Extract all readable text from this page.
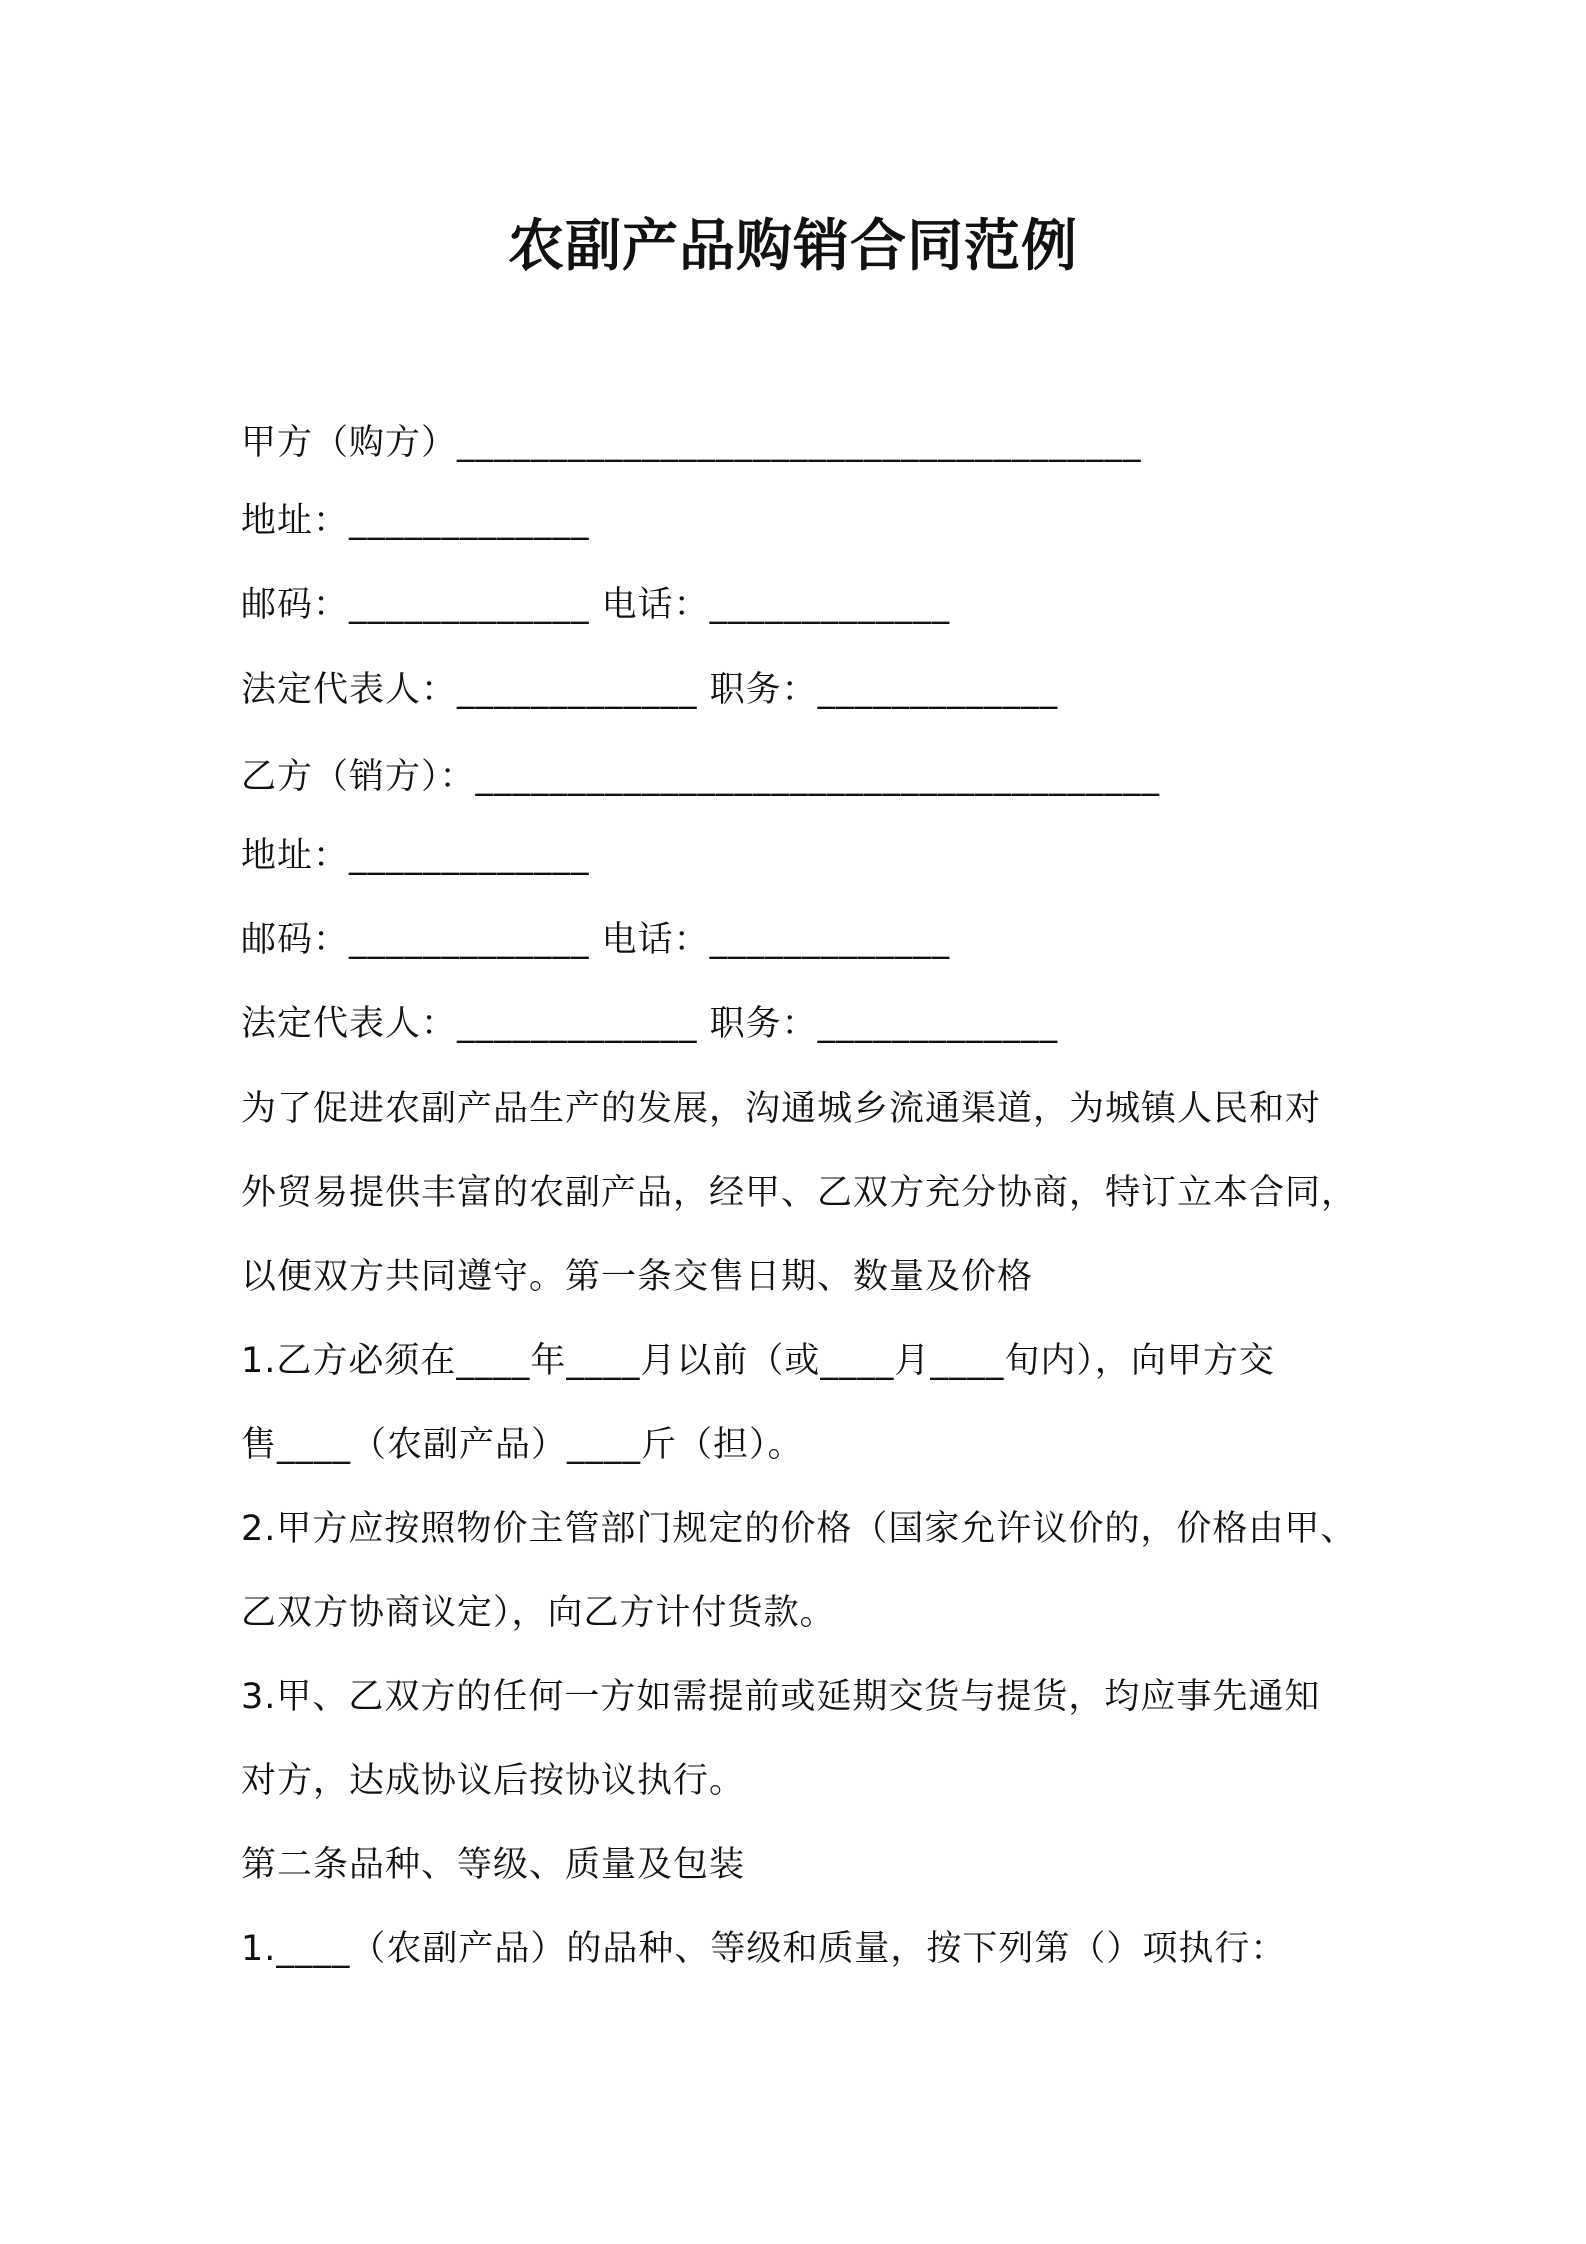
农副产品购销合同范例
甲方（购方）_____________________________________
地址：_____________
邮码：_____________ 电话：_____________
法定代表人：_____________ 职务：_____________
乙方（销方）：_____________________________________
地址：_____________
邮码：_____________ 电话：_____________
法定代表人：_____________ 职务：_____________
为了促进农副产品生产的发展，沟通城乡流通渠道，为城镇人民和对
外贸易提供丰富的农副产品，经甲、乙双方充分协商，特订立本合同，
以便双方共同遵守。第一条交售日期、数量及价格
1.乙方必须在____年____月以前（或____月____旬内），向甲方交
售____（农副产品）____斤（担）。
2.甲方应按照物价主管部门规定的价格（国家允许议价的，价格由甲、
乙双方协商议定），向乙方计付货款。
3.甲、乙双方的任何一方如需提前或延期交货与提货，均应事先通知
对方，达成协议后按协议执行。
第二条品种、等级、质量及包装
1.____（农副产品）的品种、等级和质量，按下列第（）项执行：
